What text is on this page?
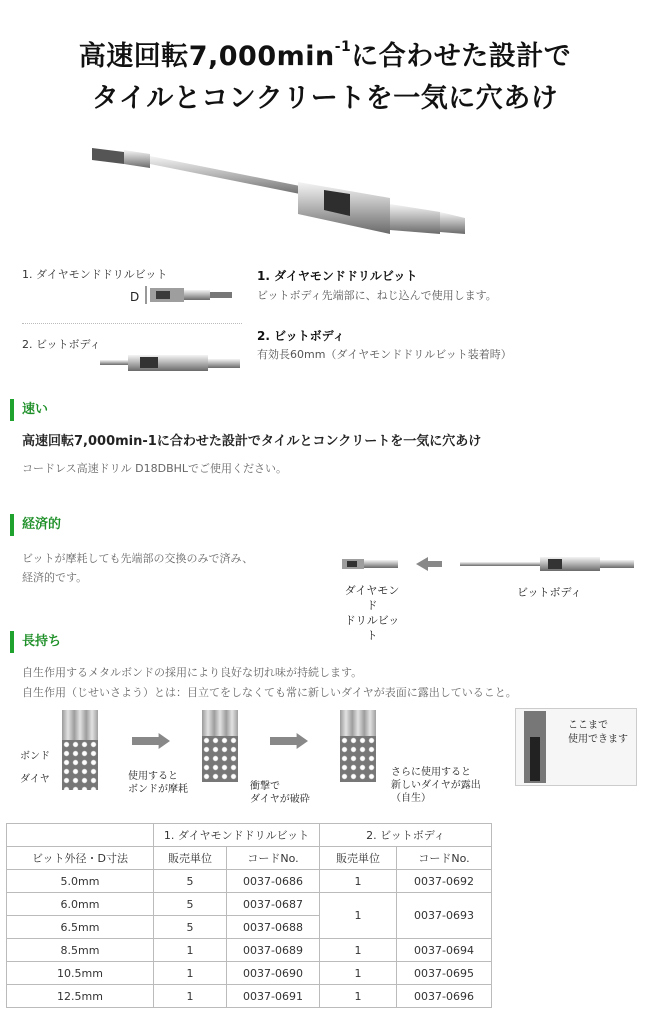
高速回転$7,000\min^{-1}$に合わせた設計で
タイルとコンクリートを一気に穴あけ
1. ダイヤモンドドリルビット
D
2. ビットボディ
1. ダイヤモンドドリルビット
ビットボディ先端部に、ねじ込んで使用します。
2. ビットボディ
有効長60mm（ダイヤモンドドリルビット装着時）
速い
高速回転7,000min-1に合わせた設計でタイルとコンクリートを一気に穴あけ
コードレス高速ドリル D18DBHLでご使用ください。
経済的
ビットが摩耗しても先端部の交換のみで済み、
経済的です。
ダイヤモンド
ドリルビット
ビットボディ
長持ち
自生作用するメタルボンドの採用により良好な切れ味が持続します。
自生作用（じせいさよう）とは：目立てをしなくても常に新しいダイヤが表面に露出していること。
ボンド
ダイヤ	使用すると
ボンドが摩耗	衝撃で
ダイヤが破砕
さらに使用すると
新しいダイヤが露出
（自生）
ここまで
使用できます
	1. ダイヤモンドドリルビット		2. ビットボディ	
ビット外径・D寸法	販売単位	コードNo.	販売単位	コードNo.
5.0mm	5	0037-0686	1	0037-0692
6.0mm	5	0037-0687	1	0037-0693
6.5mm	5	0037-0688		
8.5mm	1	0037-0689	1	0037-0694
10.5mm	1	0037-0690	1	0037-0695
12.5mm	1	0037-0691	1	0037-0696
